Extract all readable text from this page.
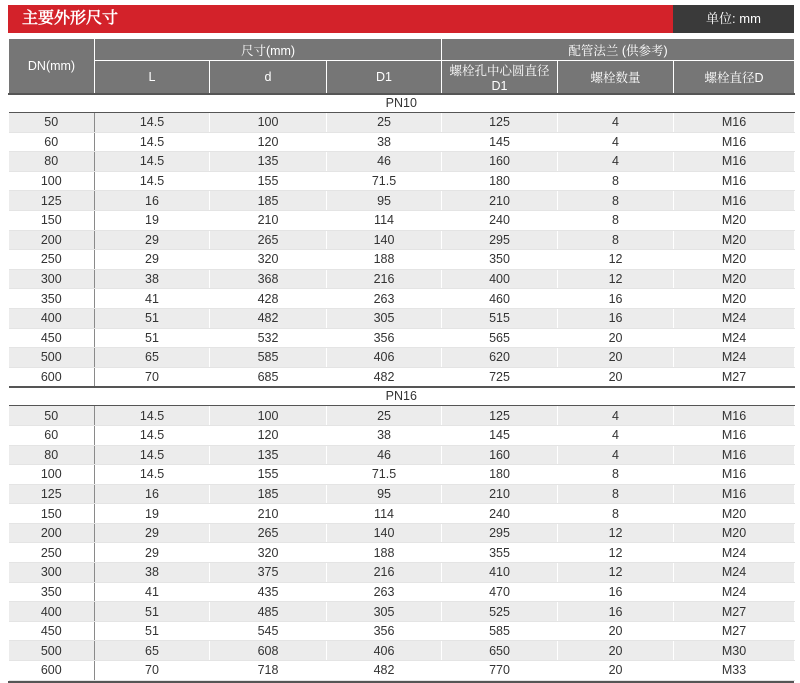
主要外形尺寸	单位: mm
DN(mm)	尺寸(mm)			配管法兰 (供参考)		
	L	d	D1	螺栓孔中心圆直径D1	螺栓数量	螺栓直径D
PN10						
50	14.5	100	25	125	4	M16
60	14.5	120	38	145	4	M16
80	14.5	135	46	160	4	M16
100	14.5	155	71.5	180	8	M16
125	16	185	95	210	8	M16
150	19	210	114	240	8	M20
200	29	265	140	295	8	M20
250	29	320	188	350	12	M20
300	38	368	216	400	12	M20
350	41	428	263	460	16	M20
400	51	482	305	515	16	M24
450	51	532	356	565	20	M24
500	65	585	406	620	20	M24
600	70	685	482	725	20	M27
PN16						
50	14.5	100	25	125	4	M16
60	14.5	120	38	145	4	M16
80	14.5	135	46	160	4	M16
100	14.5	155	71.5	180	8	M16
125	16	185	95	210	8	M16
150	19	210	114	240	8	M20
200	29	265	140	295	12	M20
250	29	320	188	355	12	M24
300	38	375	216	410	12	M24
350	41	435	263	470	16	M24
400	51	485	305	525	16	M27
450	51	545	356	585	20	M27
500	65	608	406	650	20	M30
600	70	718	482	770	20	M33
